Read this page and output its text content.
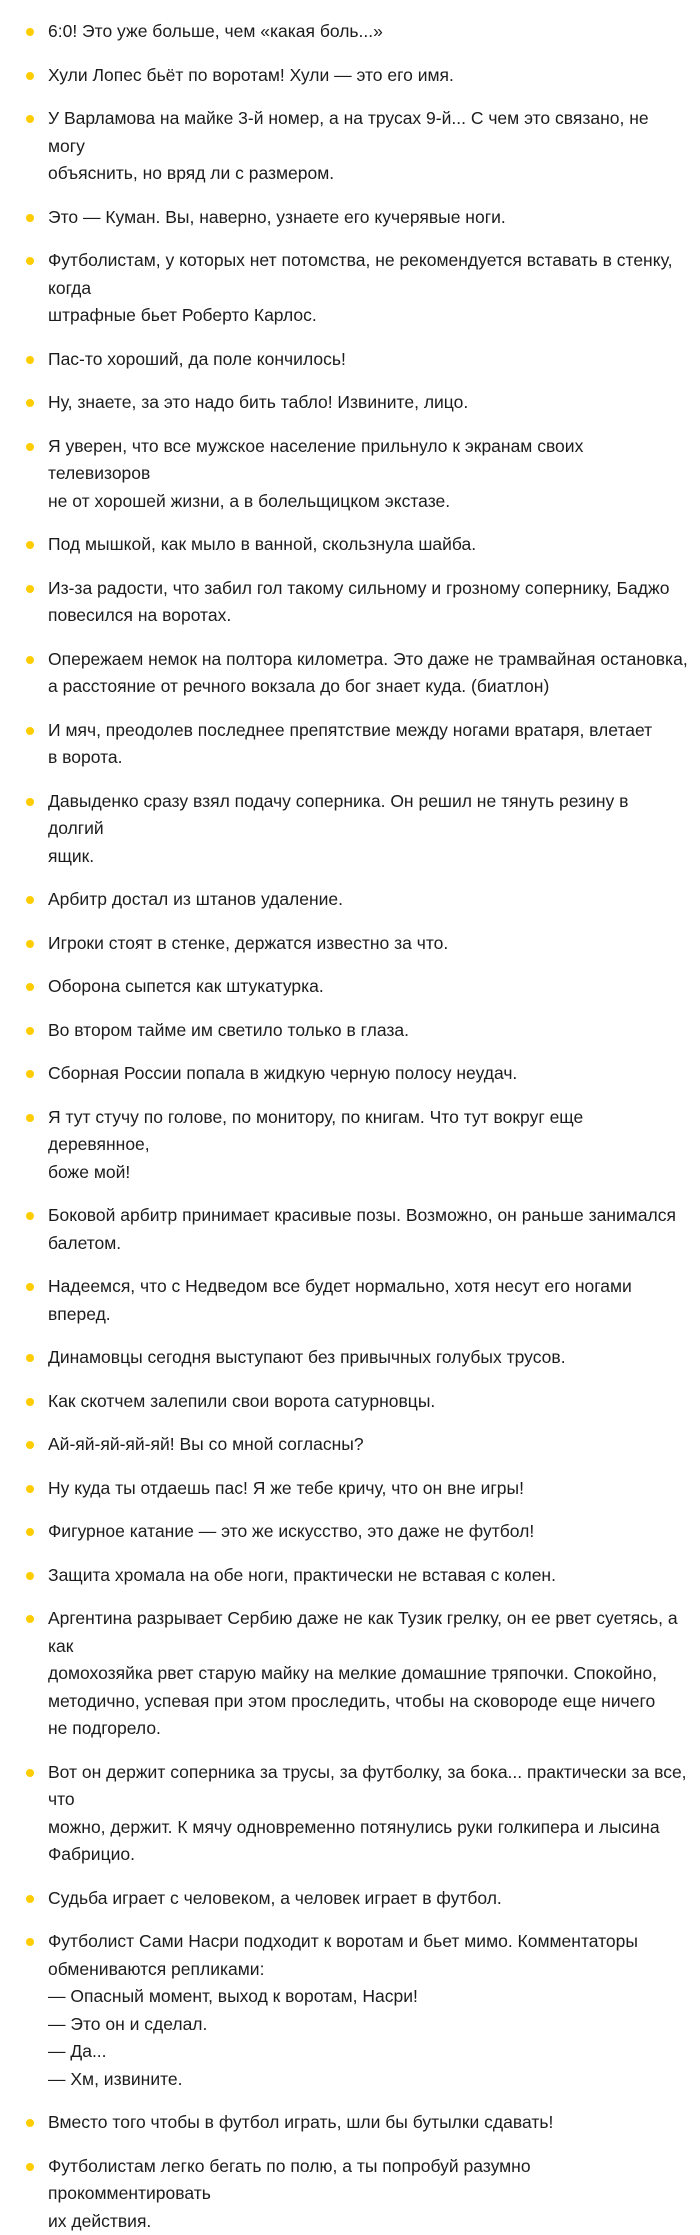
6:0! Это уже больше, чем «какая боль...»
Хули Лопес бьёт по воротам! Хули — это его имя.
У Варламова на майке 3-й номер, а на трусах 9-й... С чем это связано, не могу
объяснить, но вряд ли с размером.
Это — Куман. Вы, наверно, узнаете его кучерявые ноги.
Футболистам, у которых нет потомства, не рекомендуется вставать в стенку, когда
штрафные бьет Роберто Карлос.
Пас-то хороший, да поле кончилось!
Ну, знаете, за это надо бить табло! Извините, лицо.
Я уверен, что все мужское население прильнуло к экранам своих телевизоров
не от хорошей жизни, а в болельщицком экстазе.
Под мышкой, как мыло в ванной, скользнула шайба.
Из-за радости, что забил гол такому сильному и грозному сопернику, Баджо
повесился на воротах.
Опережаем немок на полтора километра. Это даже не трамвайная остановка,
а расстояние от речного вокзала до бог знает куда. (биатлон)
И мяч, преодолев последнее препятствие между ногами вратаря, влетает
в ворота.
Давыденко сразу взял подачу соперника. Он решил не тянуть резину в долгий
ящик.
Арбитр достал из штанов удаление.
Игроки стоят в стенке, держатся известно за что.
Оборона сыпется как штукатурка.
Во втором тайме им светило только в глаза.
Сборная России попала в жидкую черную полосу неудач.
Я тут стучу по голове, по монитору, по книгам. Что тут вокруг еще деревянное,
боже мой!
Боковой арбитр принимает красивые позы. Возможно, он раньше занимался
балетом.
Надеемся, что с Недведом все будет нормально, хотя несут его ногами вперед.
Динамовцы сегодня выступают без привычных голубых трусов.
Как скотчем залепили свои ворота сатурновцы.
Ай-яй-яй-яй-яй! Вы со мной согласны?
Ну куда ты отдаешь пас! Я же тебе кричу, что он вне игры!
Фигурное катание — это же искусство, это даже не футбол!
Защита хромала на обе ноги, практически не вставая с колен.
Аргентина разрывает Сербию даже не как Тузик грелку, он ее рвет суетясь, а как
домохозяйка рвет старую майку на мелкие домашние тряпочки. Спокойно,
методично, успевая при этом проследить, чтобы на сковороде еще ничего
не подгорело.
Вот он держит соперника за трусы, за футболку, за бока... практически за все, что
можно, держит. К мячу одновременно потянулись руки голкипера и лысина
Фабрицио.
Судьба играет с человеком, а человек играет в футбол.
Футболист Сами Насри подходит к воротам и бьет мимо. Комментаторы
обмениваются репликами:
— Опасный момент, выход к воротам, Насри!
— Это он и сделал.
— Да...
— Хм, извините.
Вместо того чтобы в футбол играть, шли бы бутылки сдавать!
Футболистам легко бегать по полю, а ты попробуй разумно прокомментировать
их действия.
